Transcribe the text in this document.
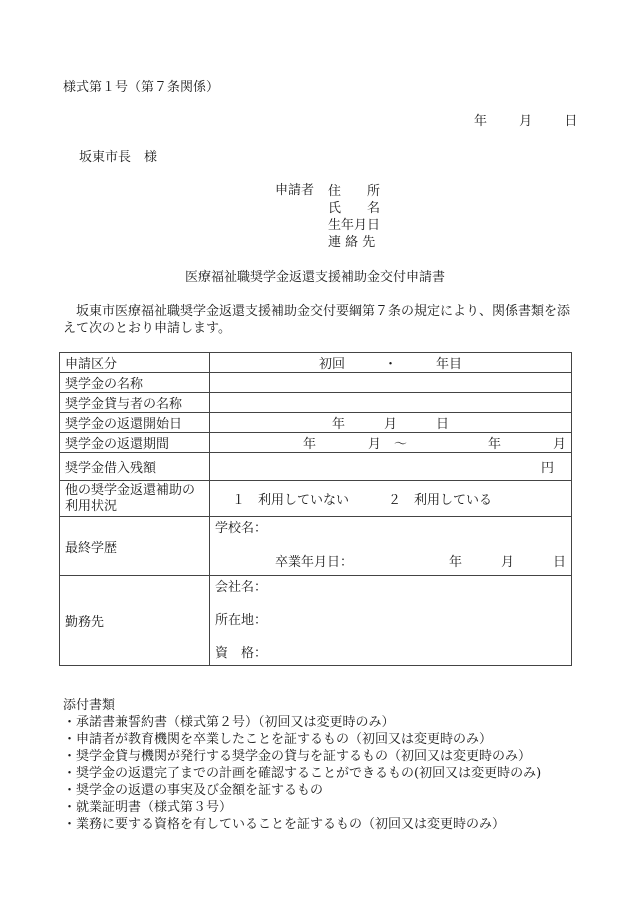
様式第１号（第７条関係）
年 月 日
坂東市長　様
申請者 住　　所
氏　　名
生年月日
連 絡 先
医療福祉職奨学金返還支援補助金交付申請書
坂東市医療福祉職奨学金返還支援補助金交付要綱第７条の規定により、関係書類を添えて次のとおり申請します。
申請区分	初回　　　・　　　年目
奨学金の名称	
奨学金貸与者の名称	
奨学金の返還開始日	年　　　月　　　日
奨学金の返還期間	年　　　　月　〜 年　　　　月

奨学金借入残額	円

他の奨学金返還補助の
利用状況	１　利用していない　　　２　利用している
最終学歴	学校名：
卒業年月日： 年　　　月　　　日

勤務先	会社名：
所在地：
資　格：
添付書類
・承諾書兼誓約書（様式第２号）（初回又は変更時のみ）
・申請者が教育機関を卒業したことを証するもの（初回又は変更時のみ）
・奨学金貸与機関が発行する奨学金の貸与を証するもの（初回又は変更時のみ）
・奨学金の返還完了までの計画を確認することができるもの(初回又は変更時のみ)
・奨学金の返還の事実及び金額を証するもの
・就業証明書（様式第３号）
・業務に要する資格を有していることを証するもの（初回又は変更時のみ）
